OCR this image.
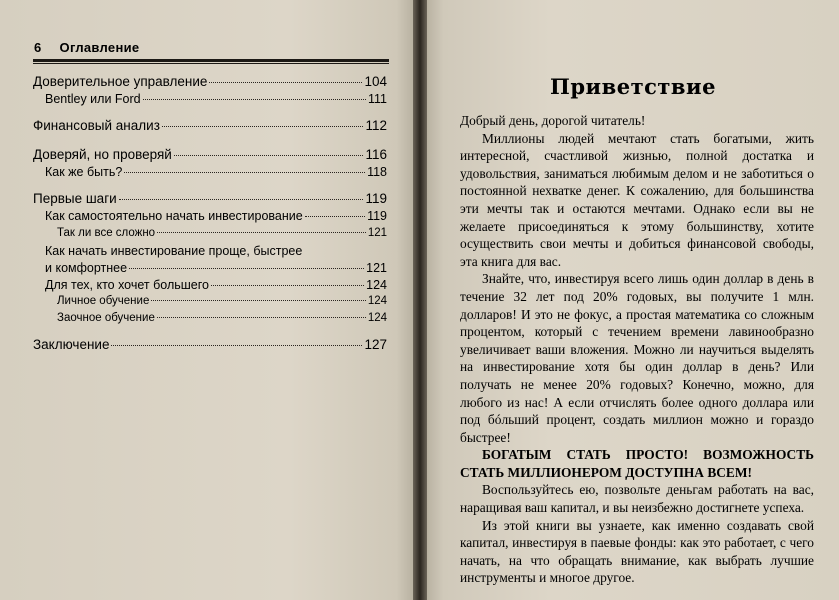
6 Оглавление
Доверительное управление	104
Bentley или Ford	111
Финансовый анализ	112
Доверяй, но проверяй	116
Как же быть?	118
Первые шаги	119
Как самостоятельно начать инвестирование	119
Так ли все сложно	121
Как начать инвестирование проще, быстрее
и комфортнее	121
Для тех, кто хочет большего	124
Личное обучение	124
Заочное обучение	124
Заключение	127
Приветствие

Добрый день, дорогой читатель!

Миллионы людей мечтают стать богатыми, жить интересной, счастливой жизнью, полной достатка и удовольствия, заниматься любимым делом и не заботиться о постоянной нехватке денег. К сожалению, для большинства эти мечты так и остаются мечтами. Однако если вы не желаете присоединяться к этому большинству, хотите осуществить свои мечты и добиться финансовой свободы, эта книга для вас.

Знайте, что, инвестируя всего лишь один доллар в день в течение 32 лет под 20% годовых, вы получите 1 млн. долларов! И это не фокус, а простая математика со сложным процентом, который с течением времени лавинообразно увеличивает ваши вложения. Можно ли научиться выделять на инвестирование хотя бы один доллар в день? Или получать не менее 20% годовых? Конечно, можно, для любого из нас! А если отчислять более одного доллара или под бóльший процент, создать миллион можно и гораздо быстрее!

БОГАТЫМ СТАТЬ ПРОСТО! ВОЗМОЖНОСТЬ СТАТЬ МИЛЛИОНЕРОМ ДОСТУПНА ВСЕМ!

Воспользуйтесь ею, позвольте деньгам работать на вас, наращивая ваш капитал, и вы неизбежно достигнете успеха.

Из этой книги вы узнаете, как именно создавать свой капитал, инвестируя в паевые фонды: как это работает, с чего начать, на что обращать внимание, как выбрать лучшие инструменты и многое другое.
